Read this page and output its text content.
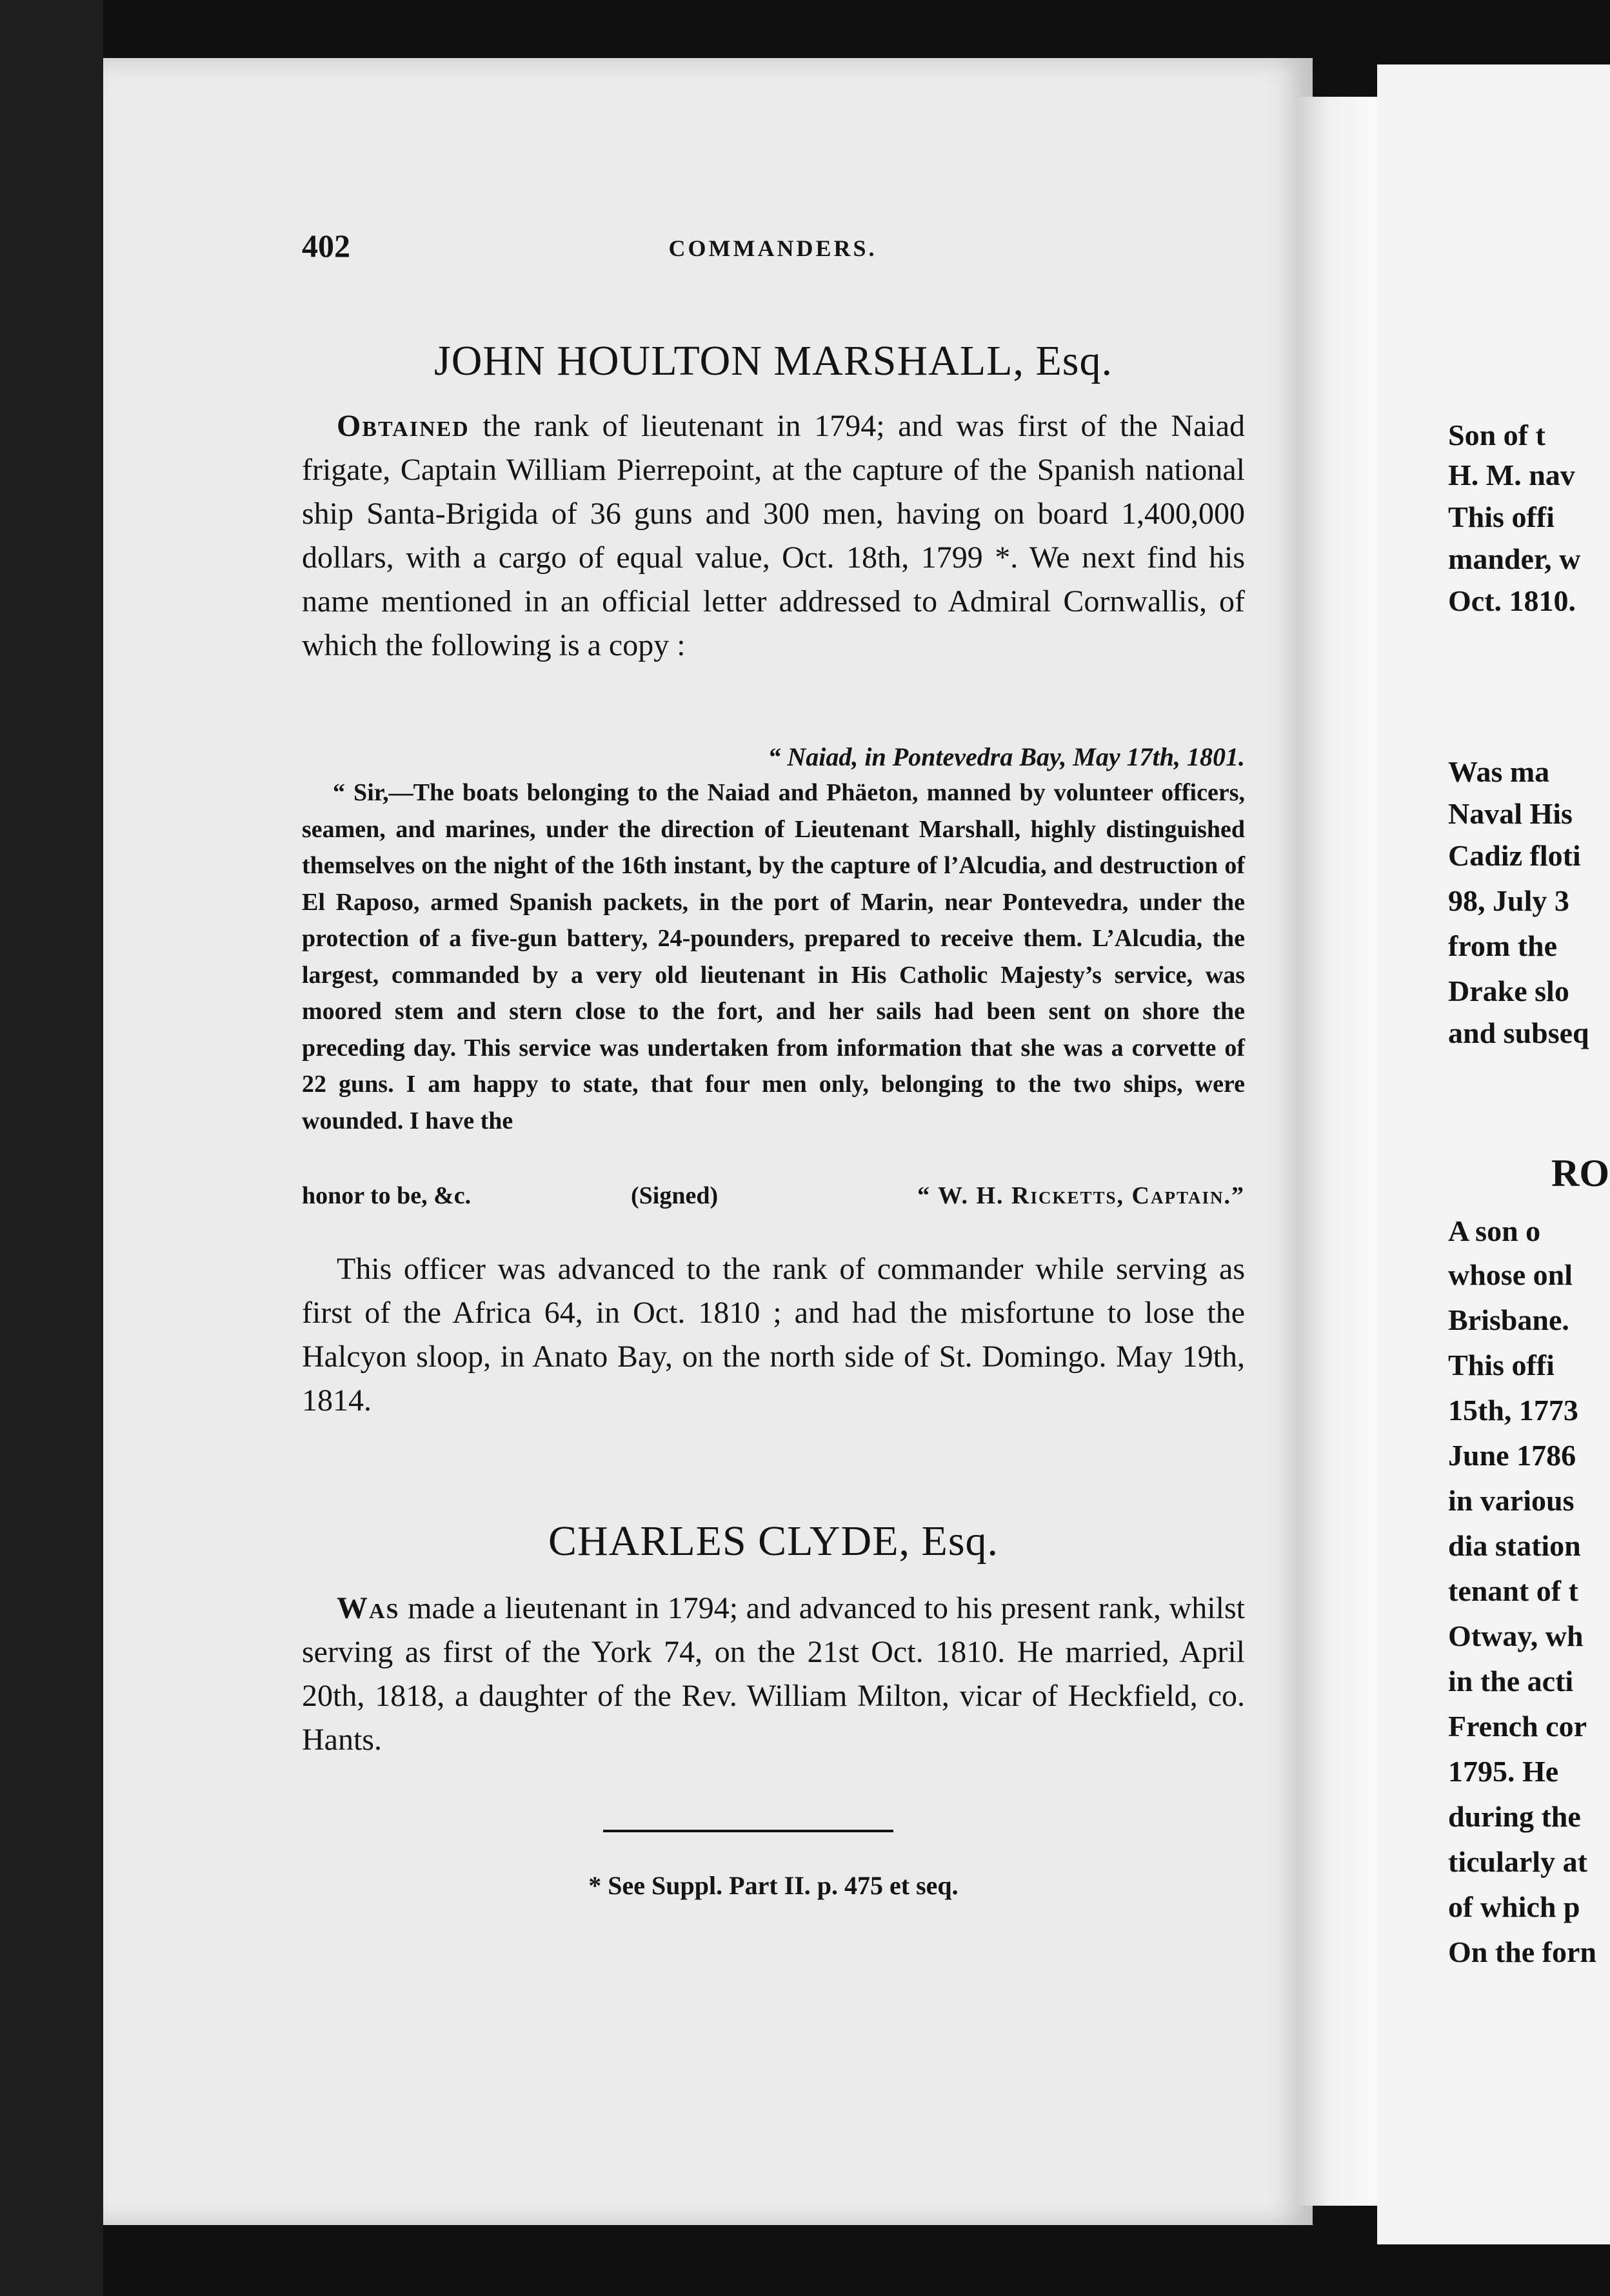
402	COMMANDERS.
JOHN HOULTON MARSHALL, Esq.

Obtained the rank of lieutenant in 1794; and was first of the Naiad frigate, Captain William Pierrepoint, at the capture of the Spanish national ship Santa-Brigida of 36 guns and 300 men, having on board 1,400,000 dollars, with a cargo of equal value, Oct. 18th, 1799 *. We next find his name mentioned in an official letter addressed to Admiral Cornwallis, of which the following is a copy :

“ Naiad, in Pontevedra Bay, May 17th, 1801.

“ Sir,—The boats belonging to the Naiad and Phäeton, manned by volunteer officers, seamen, and marines, under the direction of Lieutenant Marshall, highly distinguished themselves on the night of the 16th instant, by the capture of l’Alcudia, and destruction of El Raposo, armed Spanish packets, in the port of Marin, near Pontevedra, under the protection of a five-gun battery, 24-pounders, prepared to receive them. L’Alcudia, the largest, commanded by a very old lieutenant in His Catholic Majesty’s service, was moored stem and stern close to the fort, and her sails had been sent on shore the preceding day. This service was undertaken from information that she was a corvette of 22 guns. I am happy to state, that four men only, belonging to the two ships, were wounded. I have the

honor to be, &c.	(Signed)	“ W. H. Ricketts, Captain.”

This officer was advanced to the rank of commander while serving as first of the Africa 64, in Oct. 1810 ; and had the misfortune to lose the Halcyon sloop, in Anato Bay, on the north side of St. Domingo. May 19th, 1814.

CHARLES CLYDE, Esq.

Was made a lieutenant in 1794; and advanced to his present rank, whilst serving as first of the York 74, on the 21st Oct. 1810. He married, April 20th, 1818, a daughter of the Rev. William Milton, vicar of Heckfield, co. Hants.

* See Suppl. Part II. p. 475 et seq.
Son of t
H. M. nav
This offi
mander, w
Oct. 1810.
Was ma
Naval His
Cadiz floti
98, July 3
from the
Drake slo
and subseq
RO
A son o
whose onl
Brisbane.
This offi
15th, 1773
June 1786
in various
dia station
tenant of t
Otway, wh
in the acti
French cor
1795. He
during the
ticularly at
of which p
On the forn
